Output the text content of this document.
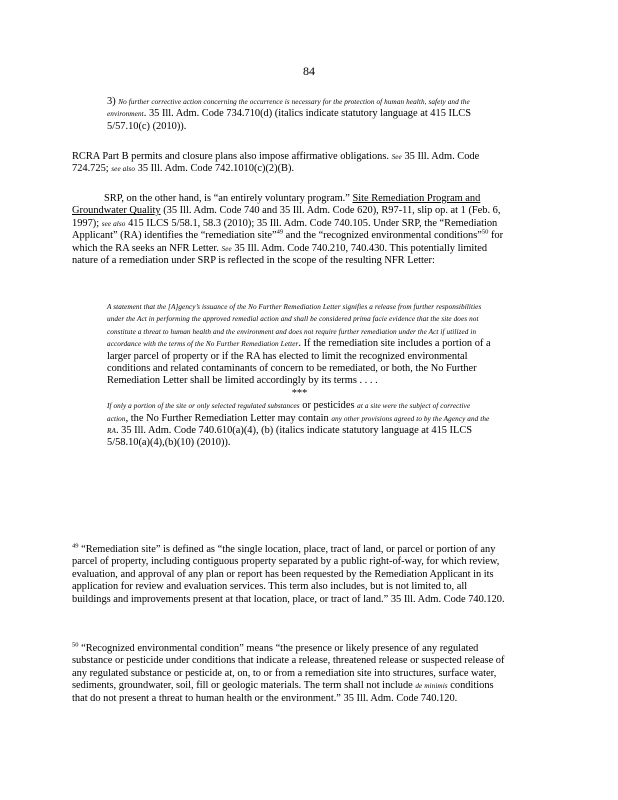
84

3) No further corrective action concerning the occurrence is necessary for the protection of human health, safety and the environment. 35 Ill. Adm. Code 734.710(d) (italics indicate statutory language at 415 ILCS 5/57.10(c) (2010)).

RCRA Part B permits and closure plans also impose affirmative obligations. See 35 Ill. Adm. Code 724.725; see also 35 Ill. Adm. Code 742.1010(c)(2)(B).

SRP, on the other hand, is “an entirely voluntary program.” Site Remediation Program and Groundwater Quality (35 Ill. Adm. Code 740 and 35 Ill. Adm. Code 620), R97-11, slip op. at 1 (Feb. 6, 1997); see also 415 ILCS 5/58.1, 58.3 (2010); 35 Ill. Adm. Code 740.105. Under SRP, the “Remediation Applicant” (RA) identifies the “remediation site”$^{49}$ and the “recognized environmental conditions”$^{50}$ for which the RA seeks an NFR Letter. See 35 Ill. Adm. Code 740.210, 740.430. This potentially limited nature of a remediation under SRP is reflected in the scope of the resulting NFR Letter:

A statement that the [A]gency’s issuance of the No Further Remediation Letter signifies a release from further responsibilities under the Act in performing the approved remedial action and shall be considered prima facie evidence that the site does not constitute a threat to human health and the environment and does not require further remediation under the Act if utilized in accordance with the terms of the No Further Remediation Letter. If the remediation site includes a portion of a larger parcel of property or if the RA has elected to limit the recognized environmental conditions and related contaminants of concern to be remediated, or both, the No Further Remediation Letter shall be limited accordingly by its terms . . . .

***

If only a portion of the site or only selected regulated substances or pesticides at a site were the subject of corrective action, the No Further Remediation Letter may contain any other provisions agreed to by the Agency and the RA. 35 Ill. Adm. Code 740.610(a)(4), (b) (italics indicate statutory language at 415 ILCS 5/58.10(a)(4),(b)(10) (2010)).

$^{49}$ “Remediation site” is defined as “the single location, place, tract of land, or parcel or portion of any parcel of property, including contiguous property separated by a public right-of-way, for which review, evaluation, and approval of any plan or report has been requested by the Remediation Applicant in its application for review and evaluation services. This term also includes, but is not limited to, all buildings and improvements present at that location, place, or tract of land.” 35 Ill. Adm. Code 740.120.

$^{50}$ “Recognized environmental condition” means “the presence or likely presence of any regulated substance or pesticide under conditions that indicate a release, threatened release or suspected release of any regulated substance or pesticide at, on, to or from a remediation site into structures, surface water, sediments, groundwater, soil, fill or geologic materials. The term shall not include de minimis conditions that do not present a threat to human health or the environment.” 35 Ill. Adm. Code 740.120.
